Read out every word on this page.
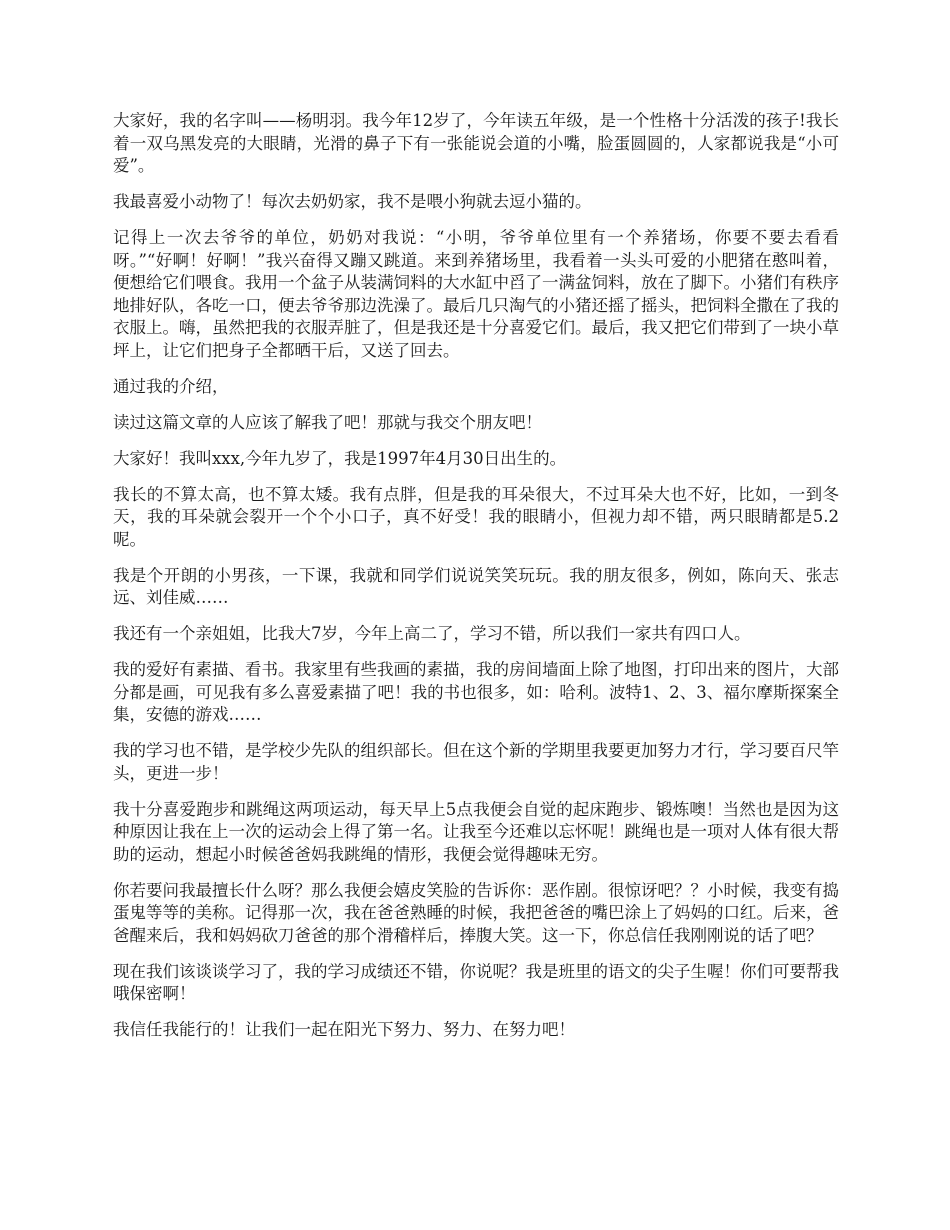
大家好，我的名字叫——杨明羽。我今年12岁了，今年读五年级，是一个性格十分活泼的孩子!我长着一双乌黑发亮的大眼睛，光滑的鼻子下有一张能说会道的小嘴，脸蛋圆圆的，人家都说我是“小可爱”。

我最喜爱小动物了！每次去奶奶家，我不是喂小狗就去逗小猫的。

记得上一次去爷爷的单位，奶奶对我说：“小明，爷爷单位里有一个养猪场，你要不要去看看呀。”“好啊！好啊！”我兴奋得又蹦又跳道。来到养猪场里，我看着一头头可爱的小肥猪在憨叫着，便想给它们喂食。我用一个盆子从装满饲料的大水缸中舀了一满盆饲料，放在了脚下。小猪们有秩序地排好队，各吃一口，便去爷爷那边洗澡了。最后几只淘气的小猪还摇了摇头，把饲料全撒在了我的衣服上。嗨，虽然把我的衣服弄脏了，但是我还是十分喜爱它们。最后，我又把它们带到了一块小草坪上，让它们把身子全都晒干后，又送了回去。

通过我的介绍，

读过这篇文章的人应该了解我了吧！那就与我交个朋友吧！

大家好！我叫xxx,今年九岁了，我是1997年4月30日出生的。

我长的不算太高，也不算太矮。我有点胖，但是我的耳朵很大，不过耳朵大也不好，比如，一到冬天，我的耳朵就会裂开一个个小口子，真不好受！我的眼睛小，但视力却不错，两只眼睛都是5.2呢。

我是个开朗的小男孩，一下课，我就和同学们说说笑笑玩玩。我的朋友很多，例如，陈向天、张志远、刘佳威……

我还有一个亲姐姐，比我大7岁，今年上高二了，学习不错，所以我们一家共有四口人。

我的爱好有素描、看书。我家里有些我画的素描，我的房间墙面上除了地图，打印出来的图片，大部分都是画，可见我有多么喜爱素描了吧！我的书也很多，如：哈利。波特1、2、3、福尔摩斯探案全集，安德的游戏……

我的学习也不错，是学校少先队的组织部长。但在这个新的学期里我要更加努力才行，学习要百尺竿头，更进一步！

我十分喜爱跑步和跳绳这两项运动，每天早上5点我便会自觉的起床跑步、锻炼噢！当然也是因为这种原因让我在上一次的运动会上得了第一名。让我至今还难以忘怀呢！跳绳也是一项对人体有很大帮助的运动，想起小时候爸爸妈我跳绳的情形，我便会觉得趣味无穷。

你若要问我最擅长什么呀？那么我便会嬉皮笑脸的告诉你：恶作剧。很惊讶吧？？小时候，我变有捣蛋鬼等等的美称。记得那一次，我在爸爸熟睡的时候，我把爸爸的嘴巴涂上了妈妈的口红。后来，爸爸醒来后，我和妈妈砍刀爸爸的那个滑稽样后，捧腹大笑。这一下，你总信任我刚刚说的话了吧？

现在我们该谈谈学习了，我的学习成绩还不错，你说呢？我是班里的语文的尖子生喔！你们可要帮我哦保密啊！

我信任我能行的！让我们一起在阳光下努力、努力、在努力吧！
